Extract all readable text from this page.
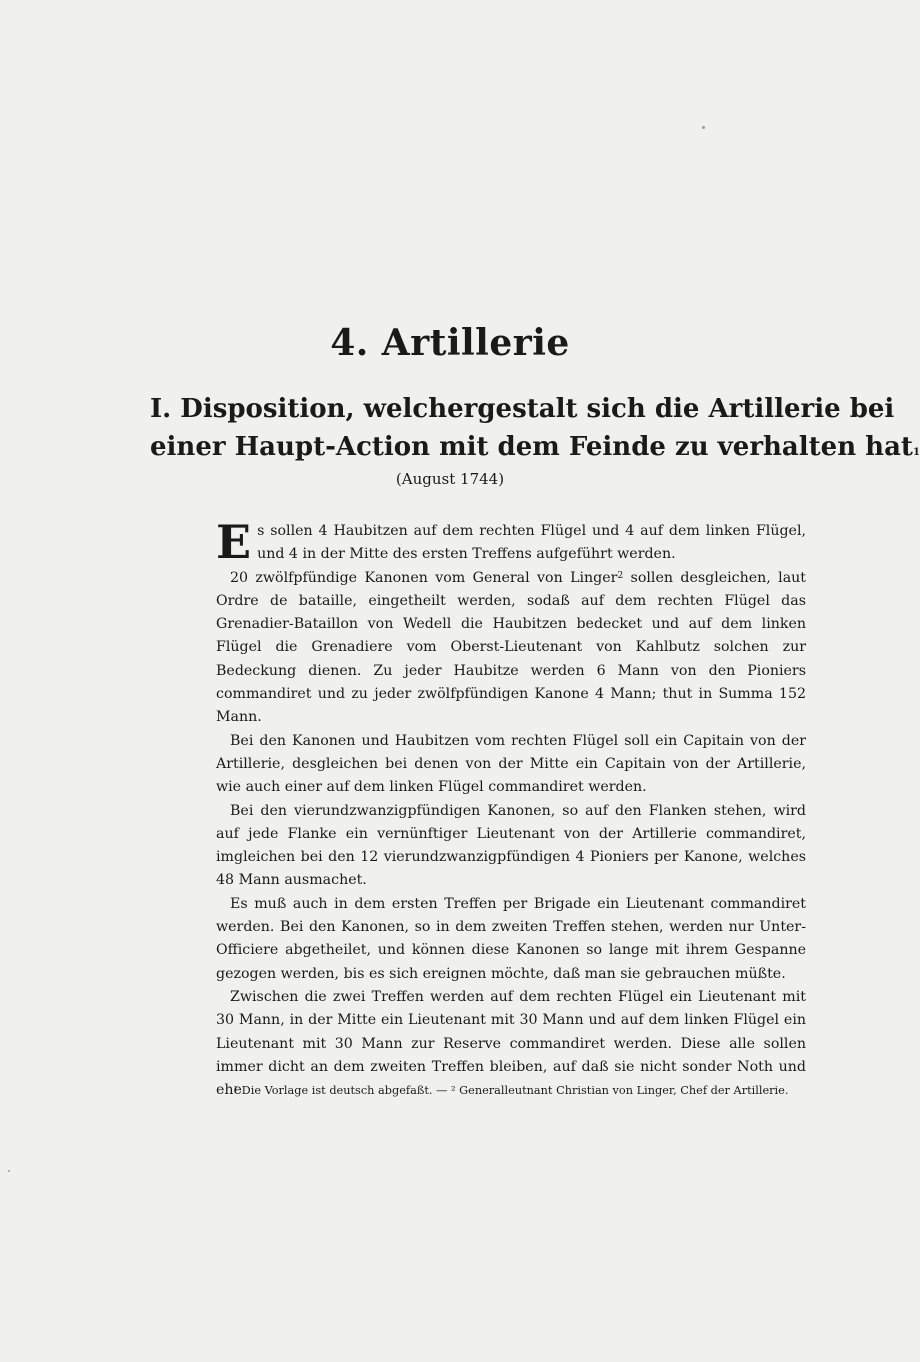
4. Artillerie
I. Disposition, welchergestalt sich die Artillerie bei
einer Haupt-Action mit dem Feinde zu verhalten hat$^1$
(August 1744)

Es sollen 4 Haubitzen auf dem rechten Flügel und 4 auf dem linken Flügel, und 4 in der Mitte des ersten Treffens aufgeführt werden.

20 zwölfpfündige Kanonen vom General von Linger$^2$ sollen desgleichen, laut Ordre de bataille, eingetheilt werden, sodaß auf dem rechten Flügel das Grenadier-Bataillon von Wedell die Haubitzen bedecket und auf dem linken Flügel die Grenadiere vom Oberst-Lieutenant von Kahlbutz solchen zur Bedeckung dienen. Zu jeder Haubitze werden 6 Mann von den Pioniers commandiret und zu jeder zwölfpfündigen Kanone 4 Mann; thut in Summa 152 Mann.

Bei den Kanonen und Haubitzen vom rechten Flügel soll ein Capitain von der Artillerie, desgleichen bei denen von der Mitte ein Capitain von der Artillerie, wie auch einer auf dem linken Flügel commandiret werden.

Bei den vierundzwanzigpfündigen Kanonen, so auf den Flanken stehen, wird auf jede Flanke ein vernünftiger Lieutenant von der Artillerie commandiret, imgleichen bei den 12 vierundzwanzigpfündigen 4 Pioniers per Kanone, welches 48 Mann ausmachet.

Es muß auch in dem ersten Treffen per Brigade ein Lieutenant commandiret werden. Bei den Kanonen, so in dem zweiten Treffen stehen, werden nur Unter-Officiere abgetheilet, und können diese Kanonen so lange mit ihrem Gespanne gezogen werden, bis es sich ereignen möchte, daß man sie gebrauchen müßte.

Zwischen die zwei Treffen werden auf dem rechten Flügel ein Lieutenant mit 30 Mann, in der Mitte ein Lieutenant mit 30 Mann und auf dem linken Flügel ein Lieutenant mit 30 Mann zur Reserve commandiret werden. Diese alle sollen immer dicht an dem zweiten Treffen bleiben, auf daß sie nicht sonder Noth und ehe

¹ Die Vorlage ist deutsch abgefaßt. — ² Generalleutnant Christian von Linger, Chef der Artillerie.
